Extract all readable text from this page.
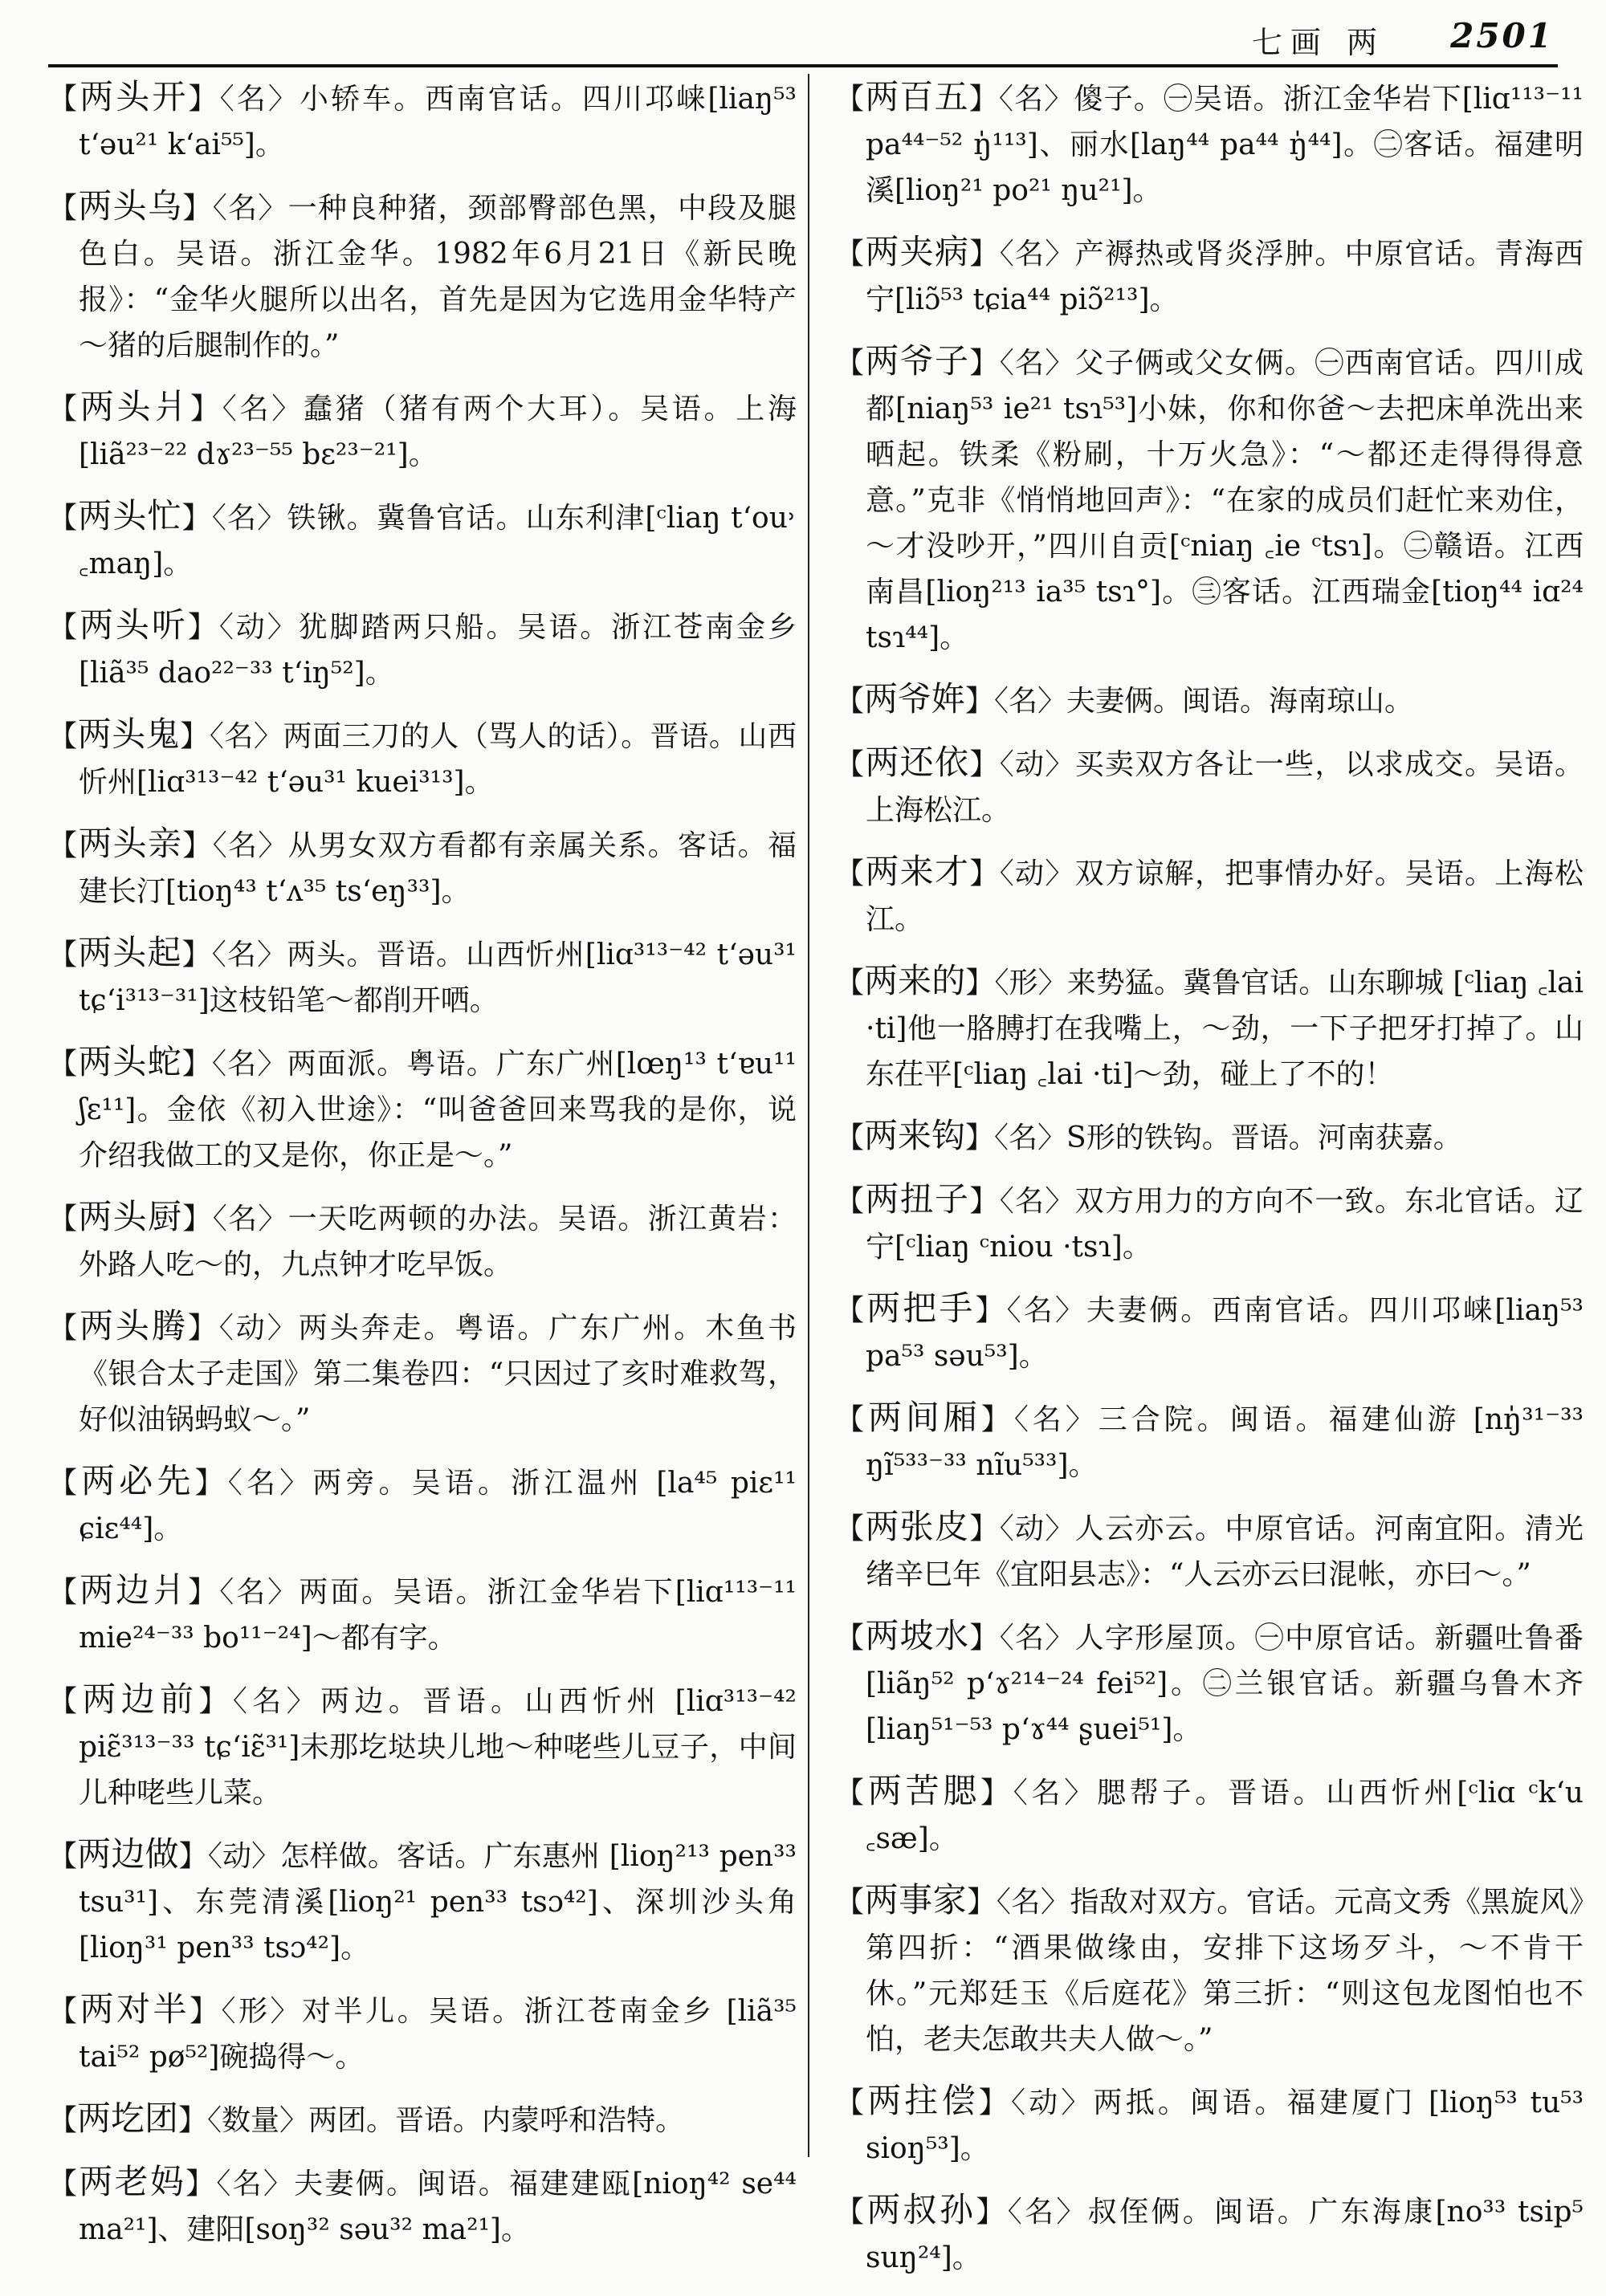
七画 两 2501

【两头开】〈名〉小轿车。西南官话。四川邛崃[liaŋ⁵³ t‘əu²¹ k‘ai⁵⁵]。

【两头乌】〈名〉一种良种猪，颈部臀部色黑，中段及腿色白。吴语。浙江金华。1982年6月21日《新民晚报》：“金华火腿所以出名，首先是因为它选用金华特产～猪的后腿制作的。”

【两头爿】〈名〉蠢猪（猪有两个大耳）。吴语。上海[liã²³⁻²² dɤ²³⁻⁵⁵ bɛ²³⁻²¹]。

【两头忙】〈名〉铁锹。冀鲁官话。山东利津[ᶜliaŋ t‘ou˒ ꜀maŋ]。

【两头听】〈动〉犹脚踏两只船。吴语。浙江苍南金乡[liã³⁵ dao²²⁻³³ t‘iŋ⁵²]。

【两头鬼】〈名〉两面三刀的人（骂人的话）。晋语。山西忻州[liɑ³¹³⁻⁴² t‘əu³¹ kuei³¹³]。

【两头亲】〈名〉从男女双方看都有亲属关系。客话。福建长汀[tioŋ⁴³ t‘ʌ³⁵ ts‘eŋ³³]。

【两头起】〈名〉两头。晋语。山西忻州[liɑ³¹³⁻⁴² t‘əu³¹ tɕ‘i³¹³⁻³¹]这枝铅笔～都削开哂。

【两头蛇】〈名〉两面派。粤语。广东广州[lœŋ¹³ t‘ɐu¹¹ ʃɛ¹¹]。金依《初入世途》：“叫爸爸回来骂我的是你，说介绍我做工的又是你，你正是～。”

【两头厨】〈名〉一天吃两顿的办法。吴语。浙江黄岩：外路人吃～的，九点钟才吃早饭。

【两头腾】〈动〉两头奔走。粤语。广东广州。木鱼书《银合太子走国》第二集卷四：“只因过了亥时难救驾，好似油锅蚂蚁～。”

【两必先】〈名〉两旁。吴语。浙江温州 [la⁴⁵ piɛ¹¹ ɕiɛ⁴⁴]。

【两边爿】〈名〉两面。吴语。浙江金华岩下[liɑ¹¹³⁻¹¹ mie²⁴⁻³³ bo¹¹⁻²⁴]～都有字。

【两边前】〈名〉两边。晋语。山西忻州 [liɑ³¹³⁻⁴² piɛ̃³¹³⁻³³ tɕ‘iɛ̃³¹]未那圪垯块儿地～种咾些儿豆子，中间儿种咾些儿菜。

【两边做】〈动〉怎样做。客话。广东惠州 [lioŋ²¹³ pen³³ tsu³¹]、东莞清溪[lioŋ²¹ pen³³ tsɔ⁴²]、深圳沙头角[lioŋ³¹ pen³³ tsɔ⁴²]。

【两对半】〈形〉对半儿。吴语。浙江苍南金乡 [liã³⁵ tai⁵² pø⁵²]碗捣得～。

【两圪团】〈数量〉两团。晋语。内蒙呼和浩特。

【两老妈】〈名〉夫妻俩。闽语。福建建瓯[nioŋ⁴² se⁴⁴ ma²¹]、建阳[soŋ³² səu³² ma²¹]。

【两百五】〈名〉傻子。㊀吴语。浙江金华岩下[liɑ¹¹³⁻¹¹ pa⁴⁴⁻⁵² ŋ̍¹¹³]、丽水[laŋ⁴⁴ pa⁴⁴ ŋ̍⁴⁴]。㊁客话。福建明溪[lioŋ²¹ po²¹ ŋu²¹]。

【两夹病】〈名〉产褥热或肾炎浮肿。中原官话。青海西宁[liɔ̃⁵³ tɕia⁴⁴ piɔ̃²¹³]。

【两爷子】〈名〉父子俩或父女俩。㊀西南官话。四川成都[niaŋ⁵³ ie²¹ tsɿ⁵³]小妹，你和你爸～去把床单洗出来晒起。铁柔《粉刷，十万火急》：“～都还走得得得意意。”克非《悄悄地回声》：“在家的成员们赶忙来劝住，～才没吵开，”四川自贡[ᶜniaŋ ꜀ie ᶜtsɿ]。㊁赣语。江西南昌[lioŋ²¹³ ia³⁵ tsɿ°]。㊂客话。江西瑞金[tioŋ⁴⁴ iɑ²⁴ tsɿ⁴⁴]。

【两爷姩】〈名〉夫妻俩。闽语。海南琼山。

【两还依】〈动〉买卖双方各让一些，以求成交。吴语。上海松江。

【两来才】〈动〉双方谅解，把事情办好。吴语。上海松江。

【两来的】〈形〉来势猛。冀鲁官话。山东聊城 [ᶜliaŋ ꜀lai ·ti]他一胳膊打在我嘴上，～劲，一下子把牙打掉了。山东茌平[ᶜliaŋ ꜀lai ·ti]～劲，碰上了不的！

【两来钩】〈名〉S形的铁钩。晋语。河南获嘉。

【两扭子】〈名〉双方用力的方向不一致。东北官话。辽宁[ᶜliaŋ ᶜniou ·tsɿ]。

【两把手】〈名〉夫妻俩。西南官话。四川邛崃[liaŋ⁵³ pa⁵³ səu⁵³]。

【两间厢】〈名〉三合院。闽语。福建仙游 [nŋ̍³¹⁻³³ ŋĩ⁵³³⁻³³ nĩu⁵³³]。

【两张皮】〈动〉人云亦云。中原官话。河南宜阳。清光绪辛巳年《宜阳县志》：“人云亦云曰混帐，亦曰～。”

【两坡水】〈名〉人字形屋顶。㊀中原官话。新疆吐鲁番[liãŋ⁵² p‘ɤ²¹⁴⁻²⁴ fei⁵²]。㊁兰银官话。新疆乌鲁木齐[liaŋ⁵¹⁻⁵³ p‘ɤ⁴⁴ ʂuei⁵¹]。

【两苦腮】〈名〉腮帮子。晋语。山西忻州[ᶜliɑ ᶜk‘u ꜀sæ]。

【两事家】〈名〉指敌对双方。官话。元高文秀《黑旋风》第四折：“酒果做缘由，安排下这场歹斗，～不肯干休。”元郑廷玉《后庭花》第三折：“则这包龙图怕也不怕，老夫怎敢共夫人做～。”

【两拄偿】〈动〉两抵。闽语。福建厦门 [lioŋ⁵³ tu⁵³ sioŋ⁵³]。

【两叔孙】〈名〉叔侄俩。闽语。广东海康[no³³ tsip⁵ suŋ²⁴]。
